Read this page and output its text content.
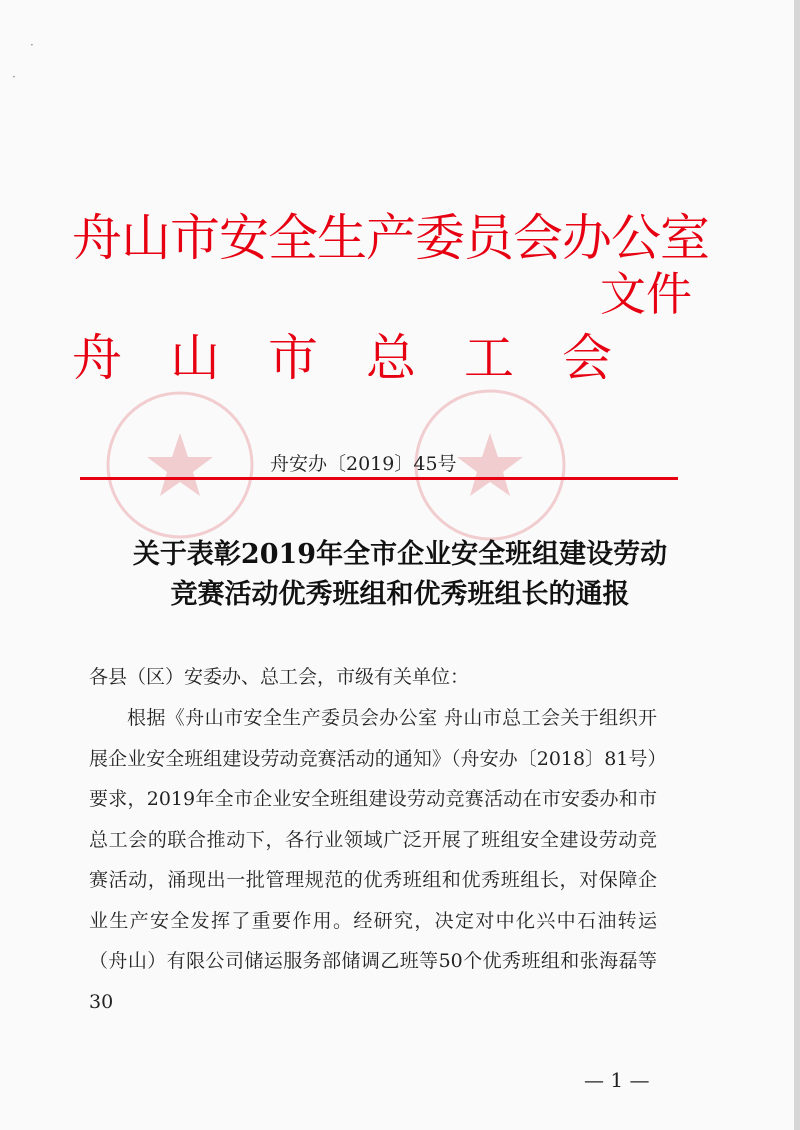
·
·
舟山市安全生产委员会办公室
文件
舟山市总工会
舟安办〔2019〕45号
关于表彰2019年全市企业安全班组建设劳动
竞赛活动优秀班组和优秀班组长的通报
各县（区）安委办、总工会，市级有关单位：

根据《舟山市安全生产委员会办公室 舟山市总工会关于组织开展企业安全班组建设劳动竞赛活动的通知》（舟安办〔2018〕81号）要求，2019年全市企业安全班组建设劳动竞赛活动在市安委办和市总工会的联合推动下，各行业领域广泛开展了班组安全建设劳动竞赛活动，涌现出一批管理规范的优秀班组和优秀班组长，对保障企业生产安全发挥了重要作用。经研究，决定对中化兴中石油转运（舟山）有限公司储运服务部储调乙班等50个优秀班组和张海磊等30

— 1 —
